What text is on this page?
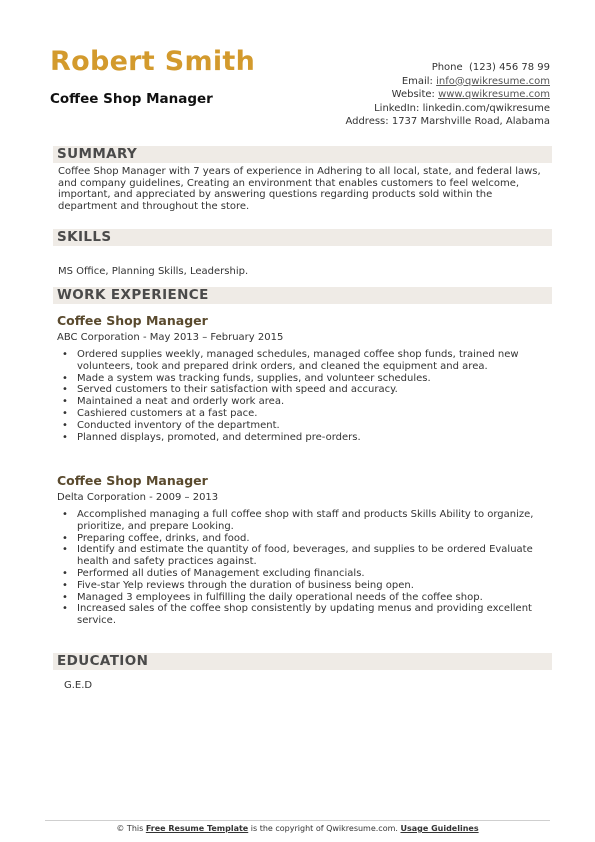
Robert Smith
Coffee Shop Manager
Phone (123) 456 78 99
Email: info@qwikresume.com
Website: www.qwikresume.com
LinkedIn: linkedin.com/qwikresume
Address: 1737 Marshville Road, Alabama
SUMMARY
Coffee Shop Manager with 7 years of experience in Adhering to all local, state, and federal laws, and company guidelines, Creating an environment that enables customers to feel welcome, important, and appreciated by answering questions regarding products sold within the department and throughout the store.
SKILLS
MS Office, Planning Skills, Leadership.
WORK EXPERIENCE
Coffee Shop Manager
ABC Corporation - May 2013 – February 2015
• Ordered supplies weekly, managed schedules, managed coffee shop funds, trained new volunteers, took and prepared drink orders, and cleaned the equipment and area.
• Made a system was tracking funds, supplies, and volunteer schedules.
• Served customers to their satisfaction with speed and accuracy.
• Maintained a neat and orderly work area.
• Cashiered customers at a fast pace.
• Conducted inventory of the department.
• Planned displays, promoted, and determined pre-orders.
Coffee Shop Manager
Delta Corporation - 2009 – 2013
• Accomplished managing a full coffee shop with staff and products Skills Ability to organize, prioritize, and prepare Looking.
• Preparing coffee, drinks, and food.
• Identify and estimate the quantity of food, beverages, and supplies to be ordered Evaluate health and safety practices against.
• Performed all duties of Management excluding financials.
• Five-star Yelp reviews through the duration of business being open.
• Managed 3 employees in fulfilling the daily operational needs of the coffee shop.
• Increased sales of the coffee shop consistently by updating menus and providing excellent service.
EDUCATION
G.E.D
© This Free Resume Template is the copyright of Qwikresume.com. Usage Guidelines
